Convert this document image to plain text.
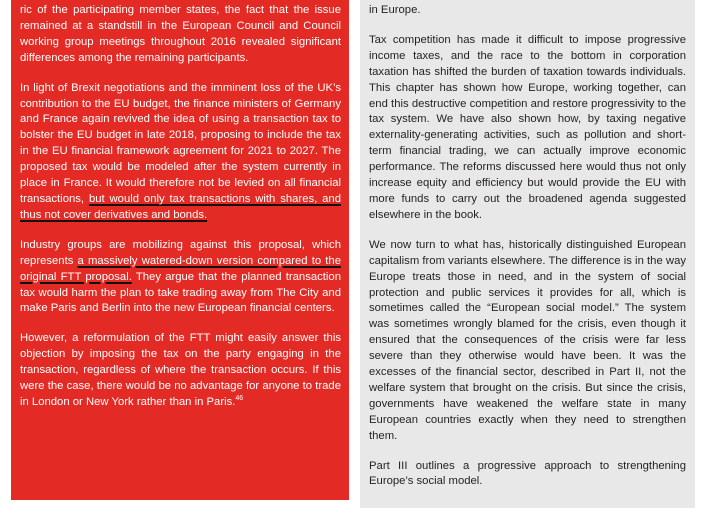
ric of the participating member states, the fact that the issue remained at a standstill in the European Council and Council working group meetings throughout 2016 revealed significant differences among the remaining participants.

In light of Brexit negotiations and the imminent loss of the UK’s contribution to the EU budget, the finance ministers of Germany and France again revived the idea of using a transaction tax to bolster the EU budget in late 2018, proposing to include the tax in the EU financial framework agreement for 2021 to 2027. The proposed tax would be modeled after the system currently in place in France. It would therefore not be levied on all financial transactions, but would only tax transactions with shares, and thus not cover derivatives and bonds.

Industry groups are mobilizing against this proposal, which represents a massively watered-down version compared to the original FTT proposal. They argue that the planned transaction tax would harm the plan to take trading away from The City and make Paris and Berlin into the new European financial centers.

However, a reformulation of the FTT might easily answer this objection by imposing the tax on the party engaging in the transaction, regardless of where the transaction occurs. If this were the case, there would be no advantage for anyone to trade in London or New York rather than in Paris.$^{46}$

in Europe.

Tax competition has made it difficult to impose progressive income taxes, and the race to the bottom in corporation taxation has shifted the burden of taxation towards individuals. This chapter has shown how Europe, working together, can end this destructive competition and restore progressivity to the tax system. We have also shown how, by taxing negative externality-generating activities, such as pollution and short-term financial trading, we can actually improve economic performance. The reforms discussed here would thus not only increase equity and efficiency but would provide the EU with more funds to carry out the broadened agenda suggested elsewhere in the book.

We now turn to what has, historically distinguished European capitalism from variants elsewhere. The difference is in the way Europe treats those in need, and in the system of social protection and public services it provides for all, which is sometimes called the “European social model.” The system was sometimes wrongly blamed for the crisis, even though it ensured that the consequences of the crisis were far less severe than they otherwise would have been. It was the excesses of the financial sector, described in Part II, not the welfare system that brought on the crisis. But since the crisis, governments have weakened the welfare state in many European countries exactly when they need to strengthen them.

Part III outlines a progressive approach to strengthening Europe’s social model.
